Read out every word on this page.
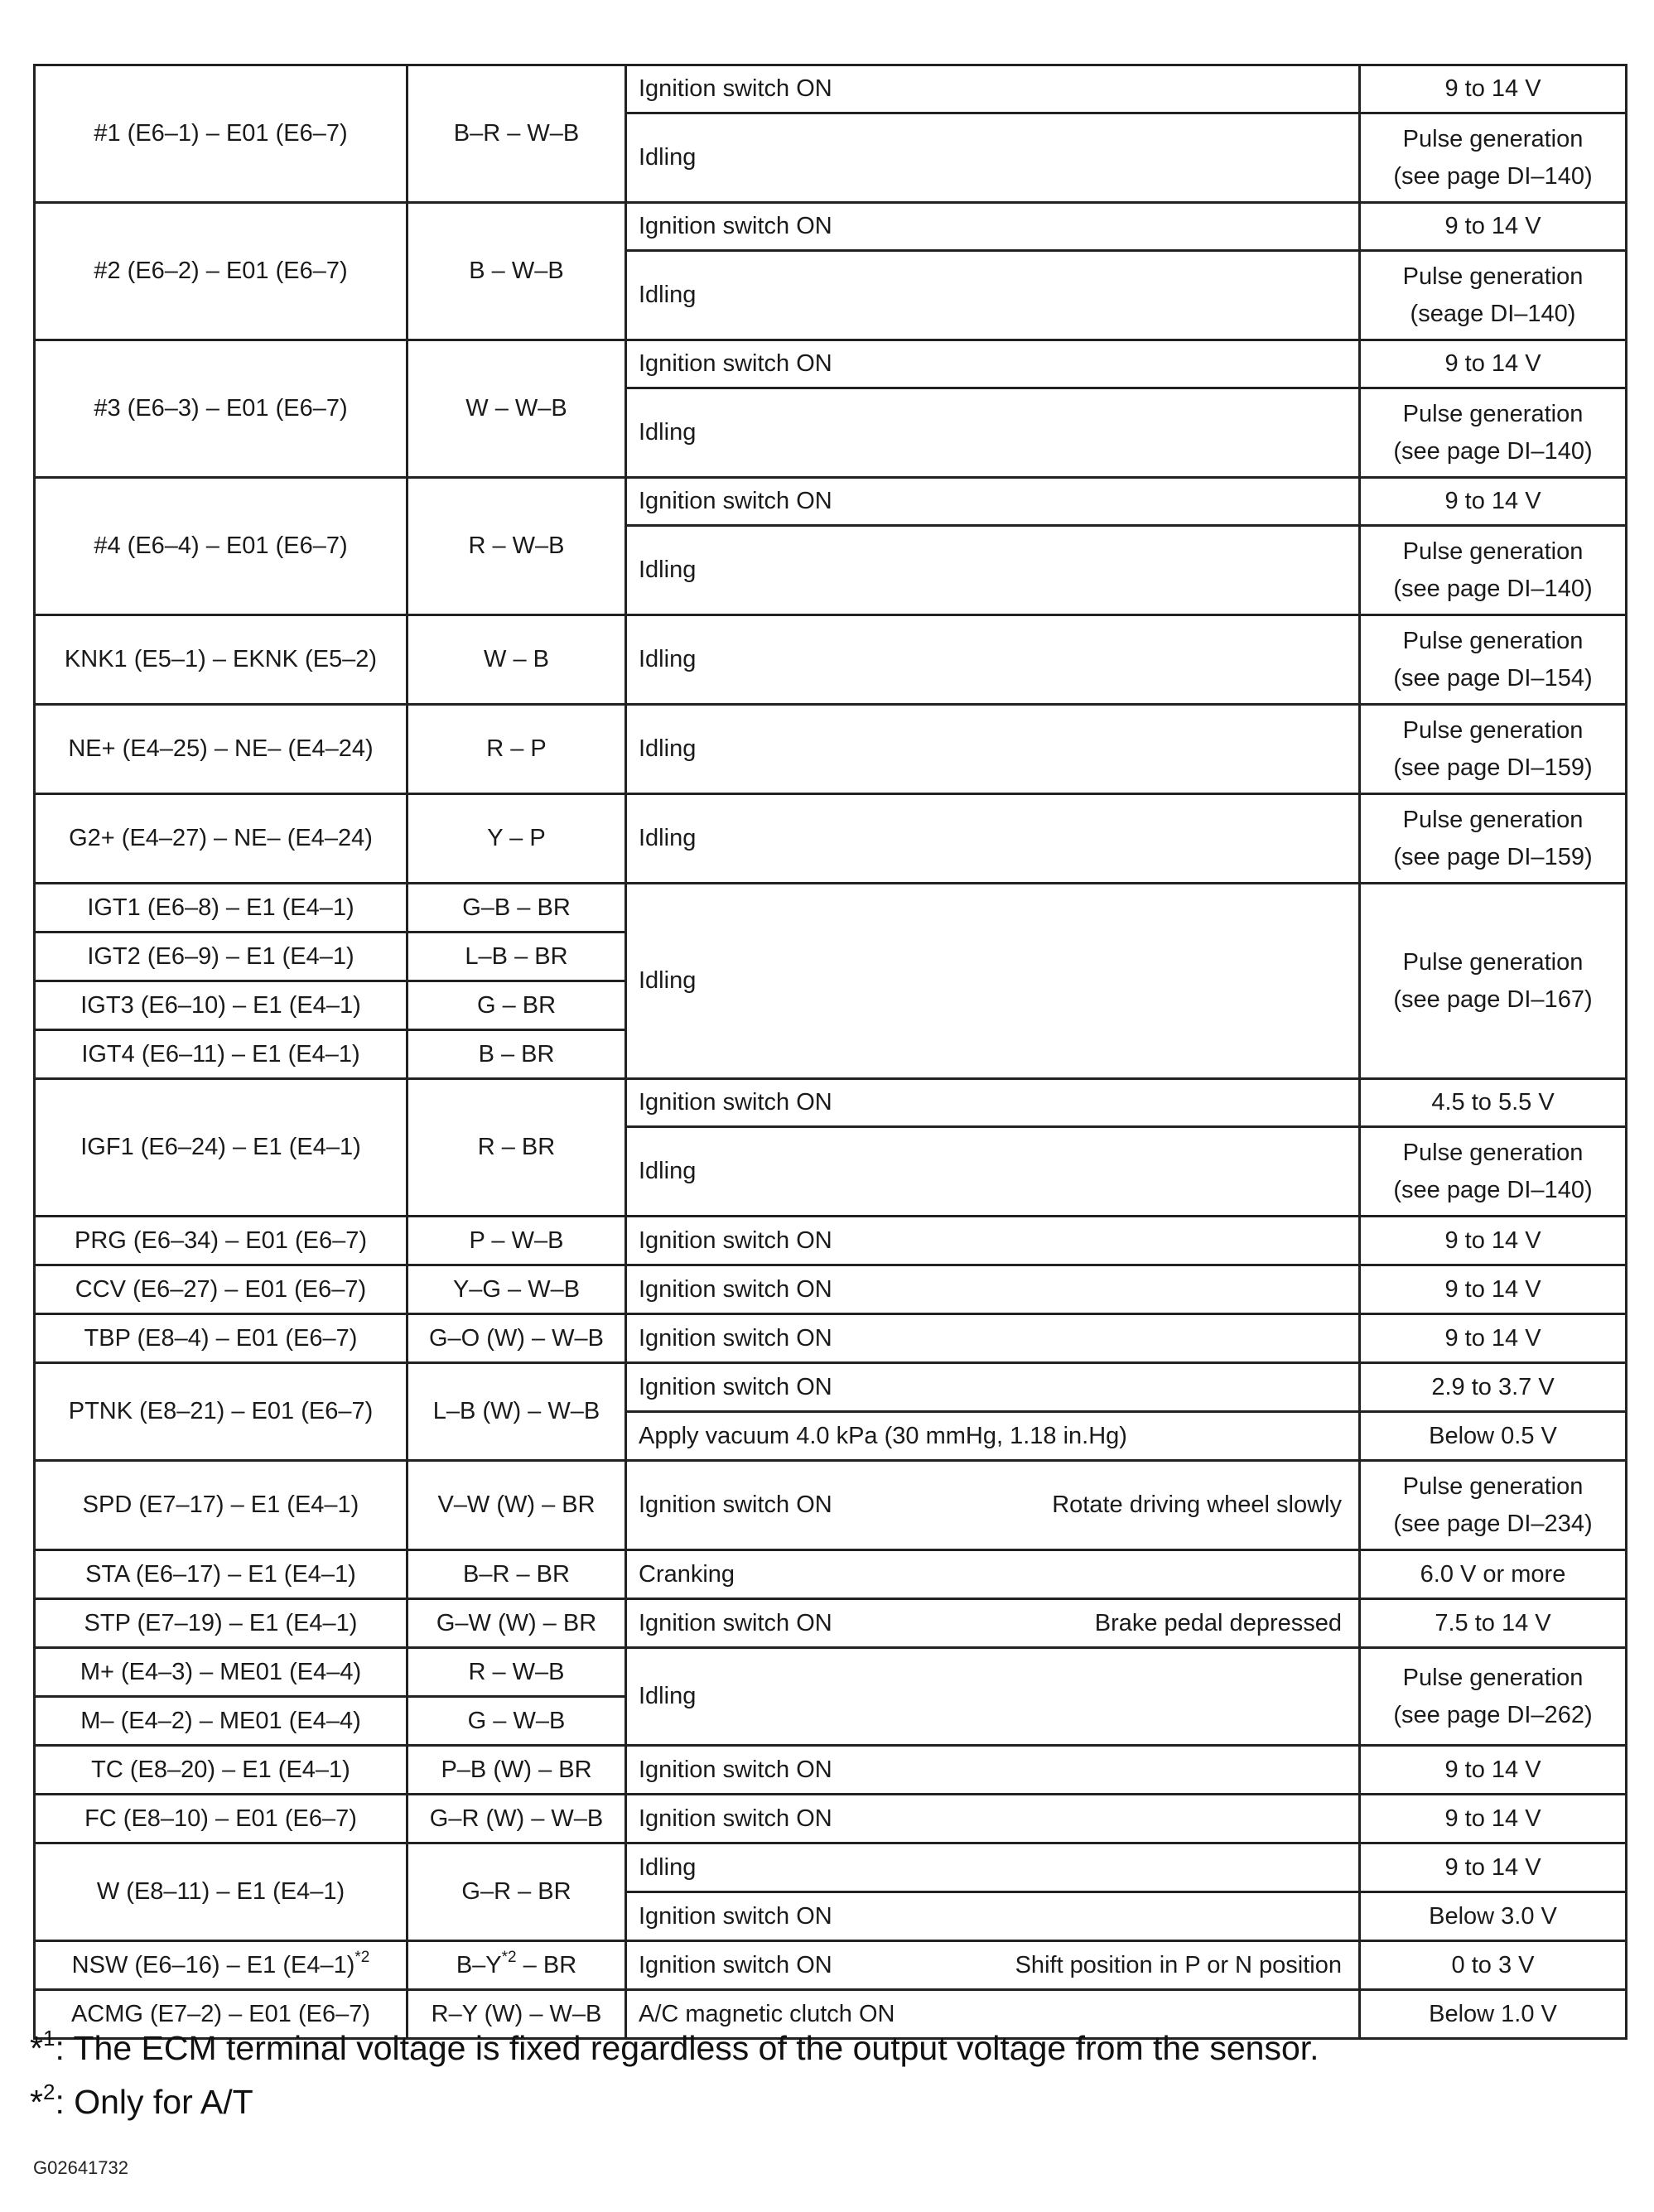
#1 (E6–1) – E01 (E6–7)	B–R – W–B	Ignition switch ON	9 to 14 V
		Idling	Pulse generation
(see page DI–140)

#2 (E6–2) – E01 (E6–7)	B – W–B	Ignition switch ON	9 to 14 V
		Idling	Pulse generation
(seage DI–140)

#3 (E6–3) – E01 (E6–7)	W – W–B	Ignition switch ON	9 to 14 V
		Idling	Pulse generation
(see page DI–140)

#4 (E6–4) – E01 (E6–7)	R – W–B	Ignition switch ON	9 to 14 V
		Idling	Pulse generation
(see page DI–140)

KNK1 (E5–1) – EKNK (E5–2)	W – B	Idling	Pulse generation
(see page DI–154)

NE+ (E4–25) – NE– (E4–24)	R – P	Idling	Pulse generation
(see page DI–159)

G2+ (E4–27) – NE– (E4–24)	Y – P	Idling	Pulse generation
(see page DI–159)

IGT1 (E6–8) – E1 (E4–1)	G–B – BR	Idling	Pulse generation
(see page DI–167)

IGT2 (E6–9) – E1 (E4–1)	L–B – BR		
IGT3 (E6–10) – E1 (E4–1)	G – BR		
IGT4 (E6–11) – E1 (E4–1)	B – BR		
IGF1 (E6–24) – E1 (E4–1)	R – BR	Ignition switch ON	4.5 to 5.5 V
		Idling	Pulse generation
(see page DI–140)

PRG (E6–34) – E01 (E6–7)	P – W–B	Ignition switch ON	9 to 14 V
CCV (E6–27) – E01 (E6–7)	Y–G – W–B	Ignition switch ON	9 to 14 V
TBP (E8–4) – E01 (E6–7)	G–O (W) – W–B	Ignition switch ON	9 to 14 V
PTNK (E8–21) – E01 (E6–7)	L–B (W) – W–B	Ignition switch ON	2.9 to 3.7 V
		Apply vacuum 4.0 kPa (30 mmHg, 1.18 in.Hg)	Below 0.5 V
SPD (E7–17) – E1 (E4–1)	V–W (W) – BR	Ignition switch ON Rotate driving wheel slowly	Pulse generation
(see page DI–234)

STA (E6–17) – E1 (E4–1)	B–R – BR	Cranking	6.0 V or more
STP (E7–19) – E1 (E4–1)	G–W (W) – BR	Ignition switch ON Brake pedal depressed	7.5 to 14 V
M+ (E4–3) – ME01 (E4–4)	R – W–B	Idling	Pulse generation
(see page DI–262)

M– (E4–2) – ME01 (E4–4)	G – W–B		
TC (E8–20) – E1 (E4–1)	P–B (W) – BR	Ignition switch ON	9 to 14 V
FC (E8–10) – E01 (E6–7)	G–R (W) – W–B	Ignition switch ON	9 to 14 V
W (E8–11) – E1 (E4–1)	G–R – BR	Idling	9 to 14 V
		Ignition switch ON	Below 3.0 V
NSW (E6–16) – E1 $(E4-1)^{*2}$	$B-Y^{*2}$ – BR	Ignition switch ON Shift position in P or N position	0 to 3 V
ACMG (E7–2) – E01 (E6–7)	R–Y (W) – W–B	A/C magnetic clutch ON	Below 1.0 V
*$^1$: The ECM terminal voltage is fixed regardless of the output voltage from the sensor.
*$^2$: Only for A/T
G02641732
